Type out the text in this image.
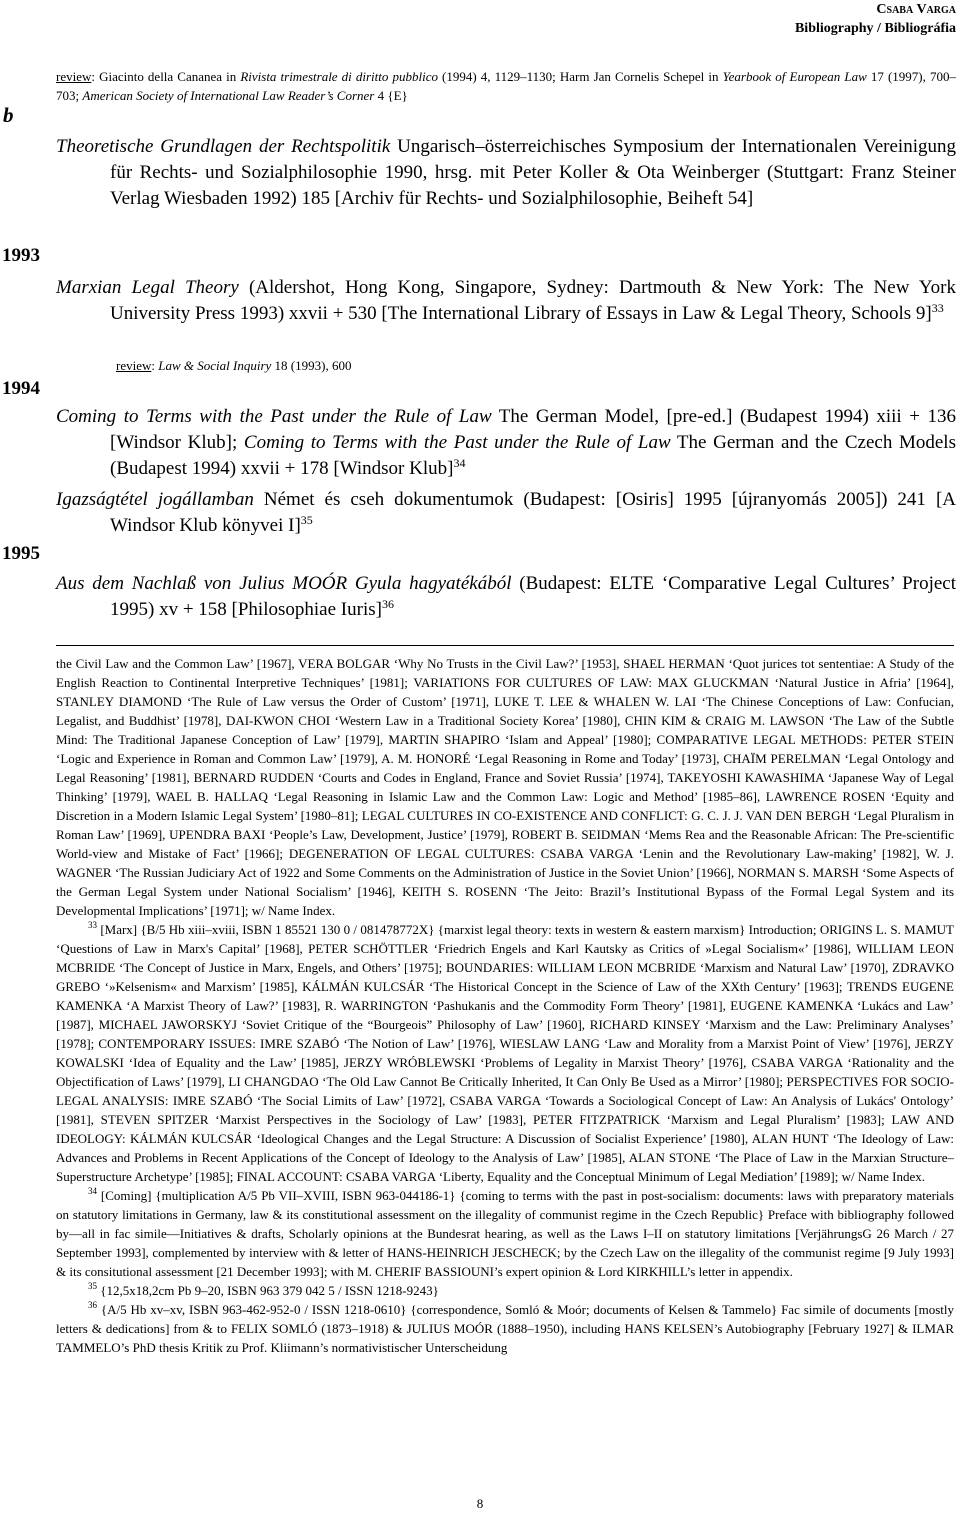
Csaba Varga
Bibliography / Bibliográfia
b
1993
1994
1995
review: Giacinto della Cananea in Rivista trimestrale di diritto pubblico (1994) 4, 1129–1130; Harm Jan Cornelis Schepel in Yearbook of European Law 17 (1997), 700–703; American Society of International Law Reader’s Corner 4 {E}
Theoretische Grundlagen der Rechtspolitik Ungarisch–österreichisches Symposium der Internationalen Vereinigung für Rechts- und Sozialphilosophie 1990, hrsg. mit Peter Koller & Ota Weinberger (Stuttgart: Franz Steiner Verlag Wiesbaden 1992) 185 [Archiv für Rechts- und Sozialphilosophie, Beiheft 54]
Marxian Legal Theory (Aldershot, Hong Kong, Singapore, Sydney: Dartmouth & New York: The New York University Press 1993) xxvii + 530 [The International Library of Essays in Law & Legal Theory, Schools 9]$^{33}$
review: Law & Social Inquiry 18 (1993), 600
Coming to Terms with the Past under the Rule of Law The German Model, [pre-ed.] (Budapest 1994) xiii + 136 [Windsor Klub]; Coming to Terms with the Past under the Rule of Law The German and the Czech Models (Budapest 1994) xxvii + 178 [Windsor Klub]$^{34}$
Igazságtétel jogállamban Német és cseh dokumentumok (Budapest: [Osiris] 1995 [újranyomás 2005]) 241 [A Windsor Klub könyvei I]$^{35}$
Aus dem Nachlaß von Julius MOÓR Gyula hagyatékából (Budapest: ELTE ‘Comparative Legal Cultures’ Project 1995) xv + 158 [Philosophiae Iuris]$^{36}$

the Civil Law and the Common Law’ [1967], VERA BOLGAR ‘Why No Trusts in the Civil Law?’ [1953], SHAEL HERMAN ‘Quot jurices tot sententiae: A Study of the English Reaction to Continental Interpretive Techniques’ [1981]; VARIATIONS FOR CULTURES OF LAW: MAX GLUCKMAN ‘Natural Justice in Afria’ [1964], STANLEY DIAMOND ‘The Rule of Law versus the Order of Custom’ [1971], LUKE T. LEE & WHALEN W. LAI ‘The Chinese Conceptions of Law: Confucian, Legalist, and Buddhist’ [1978], DAI-KWON CHOI ‘Western Law in a Traditional Society Korea’ [1980], CHIN KIM & CRAIG M. LAWSON ‘The Law of the Subtle Mind: The Traditional Japanese Conception of Law’ [1979], MARTIN SHAPIRO ‘Islam and Appeal’ [1980]; COMPARATIVE LEGAL METHODS: PETER STEIN ‘Logic and Experience in Roman and Common Law’ [1979], A. M. HONORÉ ‘Legal Reasoning in Rome and Today’ [1973], CHAÏM PERELMAN ‘Legal Ontology and Legal Reasoning’ [1981], BERNARD RUDDEN ‘Courts and Codes in England, France and Soviet Russia’ [1974], TAKEYOSHI KAWASHIMA ‘Japanese Way of Legal Thinking’ [1979], WAEL B. HALLAQ ‘Legal Reasoning in Islamic Law and the Common Law: Logic and Method’ [1985–86], LAWRENCE ROSEN ‘Equity and Discretion in a Modern Islamic Legal System’ [1980–81]; LEGAL CULTURES IN CO-EXISTENCE AND CONFLICT: G. C. J. J. VAN DEN BERGH ‘Legal Pluralism in Roman Law’ [1969], UPENDRA BAXI ‘People’s Law, Development, Justice’ [1979], ROBERT B. SEIDMAN ‘Mems Rea and the Reasonable African: The Pre-scientific World-view and Mistake of Fact’ [1966]; DEGENERATION OF LEGAL CULTURES: CSABA VARGA ‘Lenin and the Revolutionary Law-making’ [1982], W. J. WAGNER ‘The Russian Judiciary Act of 1922 and Some Comments on the Administration of Justice in the Soviet Union’ [1966], NORMAN S. MARSH ‘Some Aspects of the German Legal System under National Socialism’ [1946], KEITH S. ROSENN ‘The Jeito: Brazil’s Institutional Bypass of the Formal Legal System and its Developmental Implications’ [1971]; w/ Name Index.

$^{33}$ [Marx] {B/5 Hb xiii–xviii, ISBN 1 85521 130 0 / 081478772X} {marxist legal theory: texts in western & eastern marxism} Introduction; ORIGINS L. S. MAMUT ‘Questions of Law in Marx's Capital’ [1968], PETER SCHÖTTLER ‘Friedrich Engels and Karl Kautsky as Critics of »Legal Socialism«’ [1986], WILLIAM LEON MCBRIDE ‘The Concept of Justice in Marx, Engels, and Others’ [1975]; BOUNDARIES: WILLIAM LEON MCBRIDE ‘Marxism and Natural Law’ [1970], ZDRAVKO GREBO ‘»Kelsenism« and Marxism’ [1985], KÁLMÁN KULCSÁR ‘The Historical Concept in the Science of Law of the XXth Century’ [1963]; TRENDS EUGENE KAMENKA ‘A Marxist Theory of Law?’ [1983], R. WARRINGTON ‘Pashukanis and the Commodity Form Theory’ [1981], EUGENE KAMENKA ‘Lukács and Law’ [1987], MICHAEL JAWORSKYJ ‘Soviet Critique of the “Bourgeois” Philosophy of Law’ [1960], RICHARD KINSEY ‘Marxism and the Law: Preliminary Analyses’ [1978]; CONTEMPORARY ISSUES: IMRE SZABÓ ‘The Notion of Law’ [1976], WIESLAW LANG ‘Law and Morality from a Marxist Point of View’ [1976], JERZY KOWALSKI ‘Idea of Equality and the Law’ [1985], JERZY WRÓBLEWSKI ‘Problems of Legality in Marxist Theory’ [1976], CSABA VARGA ‘Rationality and the Objectification of Laws’ [1979], LI CHANGDAO ‘The Old Law Cannot Be Critically Inherited, It Can Only Be Used as a Mirror’ [1980]; PERSPECTIVES FOR SOCIO-LEGAL ANALYSIS: IMRE SZABÓ ‘The Social Limits of Law’ [1972], CSABA VARGA ‘Towards a Sociological Concept of Law: An Analysis of Lukács' Ontology’ [1981], STEVEN SPITZER ‘Marxist Perspectives in the Sociology of Law’ [1983], PETER FITZPATRICK ‘Marxism and Legal Pluralism’ [1983]; LAW AND IDEOLOGY: KÁLMÁN KULCSÁR ‘Ideological Changes and the Legal Structure: A Discussion of Socialist Experience’ [1980], ALAN HUNT ‘The Ideology of Law: Advances and Problems in Recent Applications of the Concept of Ideology to the Analysis of Law’ [1985], ALAN STONE ‘The Place of Law in the Marxian Structure–Superstructure Archetype’ [1985]; FINAL ACCOUNT: CSABA VARGA ‘Liberty, Equality and the Conceptual Minimum of Legal Mediation’ [1989]; w/ Name Index.

$^{34}$ [Coming] {multiplication A/5 Pb VII–XVIII, ISBN 963-044186-1} {coming to terms with the past in post-socialism: documents: laws with preparatory materials on statutory limitations in Germany, law & its constitutional assessment on the illegality of communist regime in the Czech Republic} Preface with bibliography followed by—all in fac simile—Initiatives & drafts, Scholarly opinions at the Bundesrat hearing, as well as the Laws I–II on statutory limitations [VerjährungsG 26 March / 27 September 1993], complemented by interview with & letter of HANS-HEINRICH JESCHECK; by the Czech Law on the illegality of the communist regime [9 July 1993] & its consitutional assessment [21 December 1993]; with M. CHERIF BASSIOUNI’s expert opinion & Lord KIRKHILL’s letter in appendix.

$^{35}$ {12,5x18,2cm Pb 9–20, ISBN 963 379 042 5 / ISSN 1218-9243}

$^{36}$ {A/5 Hb xv–xv, ISBN 963-462-952-0 / ISSN 1218-0610} {correspondence, Somló & Moór; documents of Kelsen & Tammelo} Fac simile of documents [mostly letters & dedications] from & to FELIX SOMLÓ (1873–1918) & JULIUS MOÓR (1888–1950), including HANS KELSEN’s Autobiography [February 1927] & ILMAR TAMMELO’s PhD thesis Kritik zu Prof. Kliimann’s normativistischer Unterscheidung

8
